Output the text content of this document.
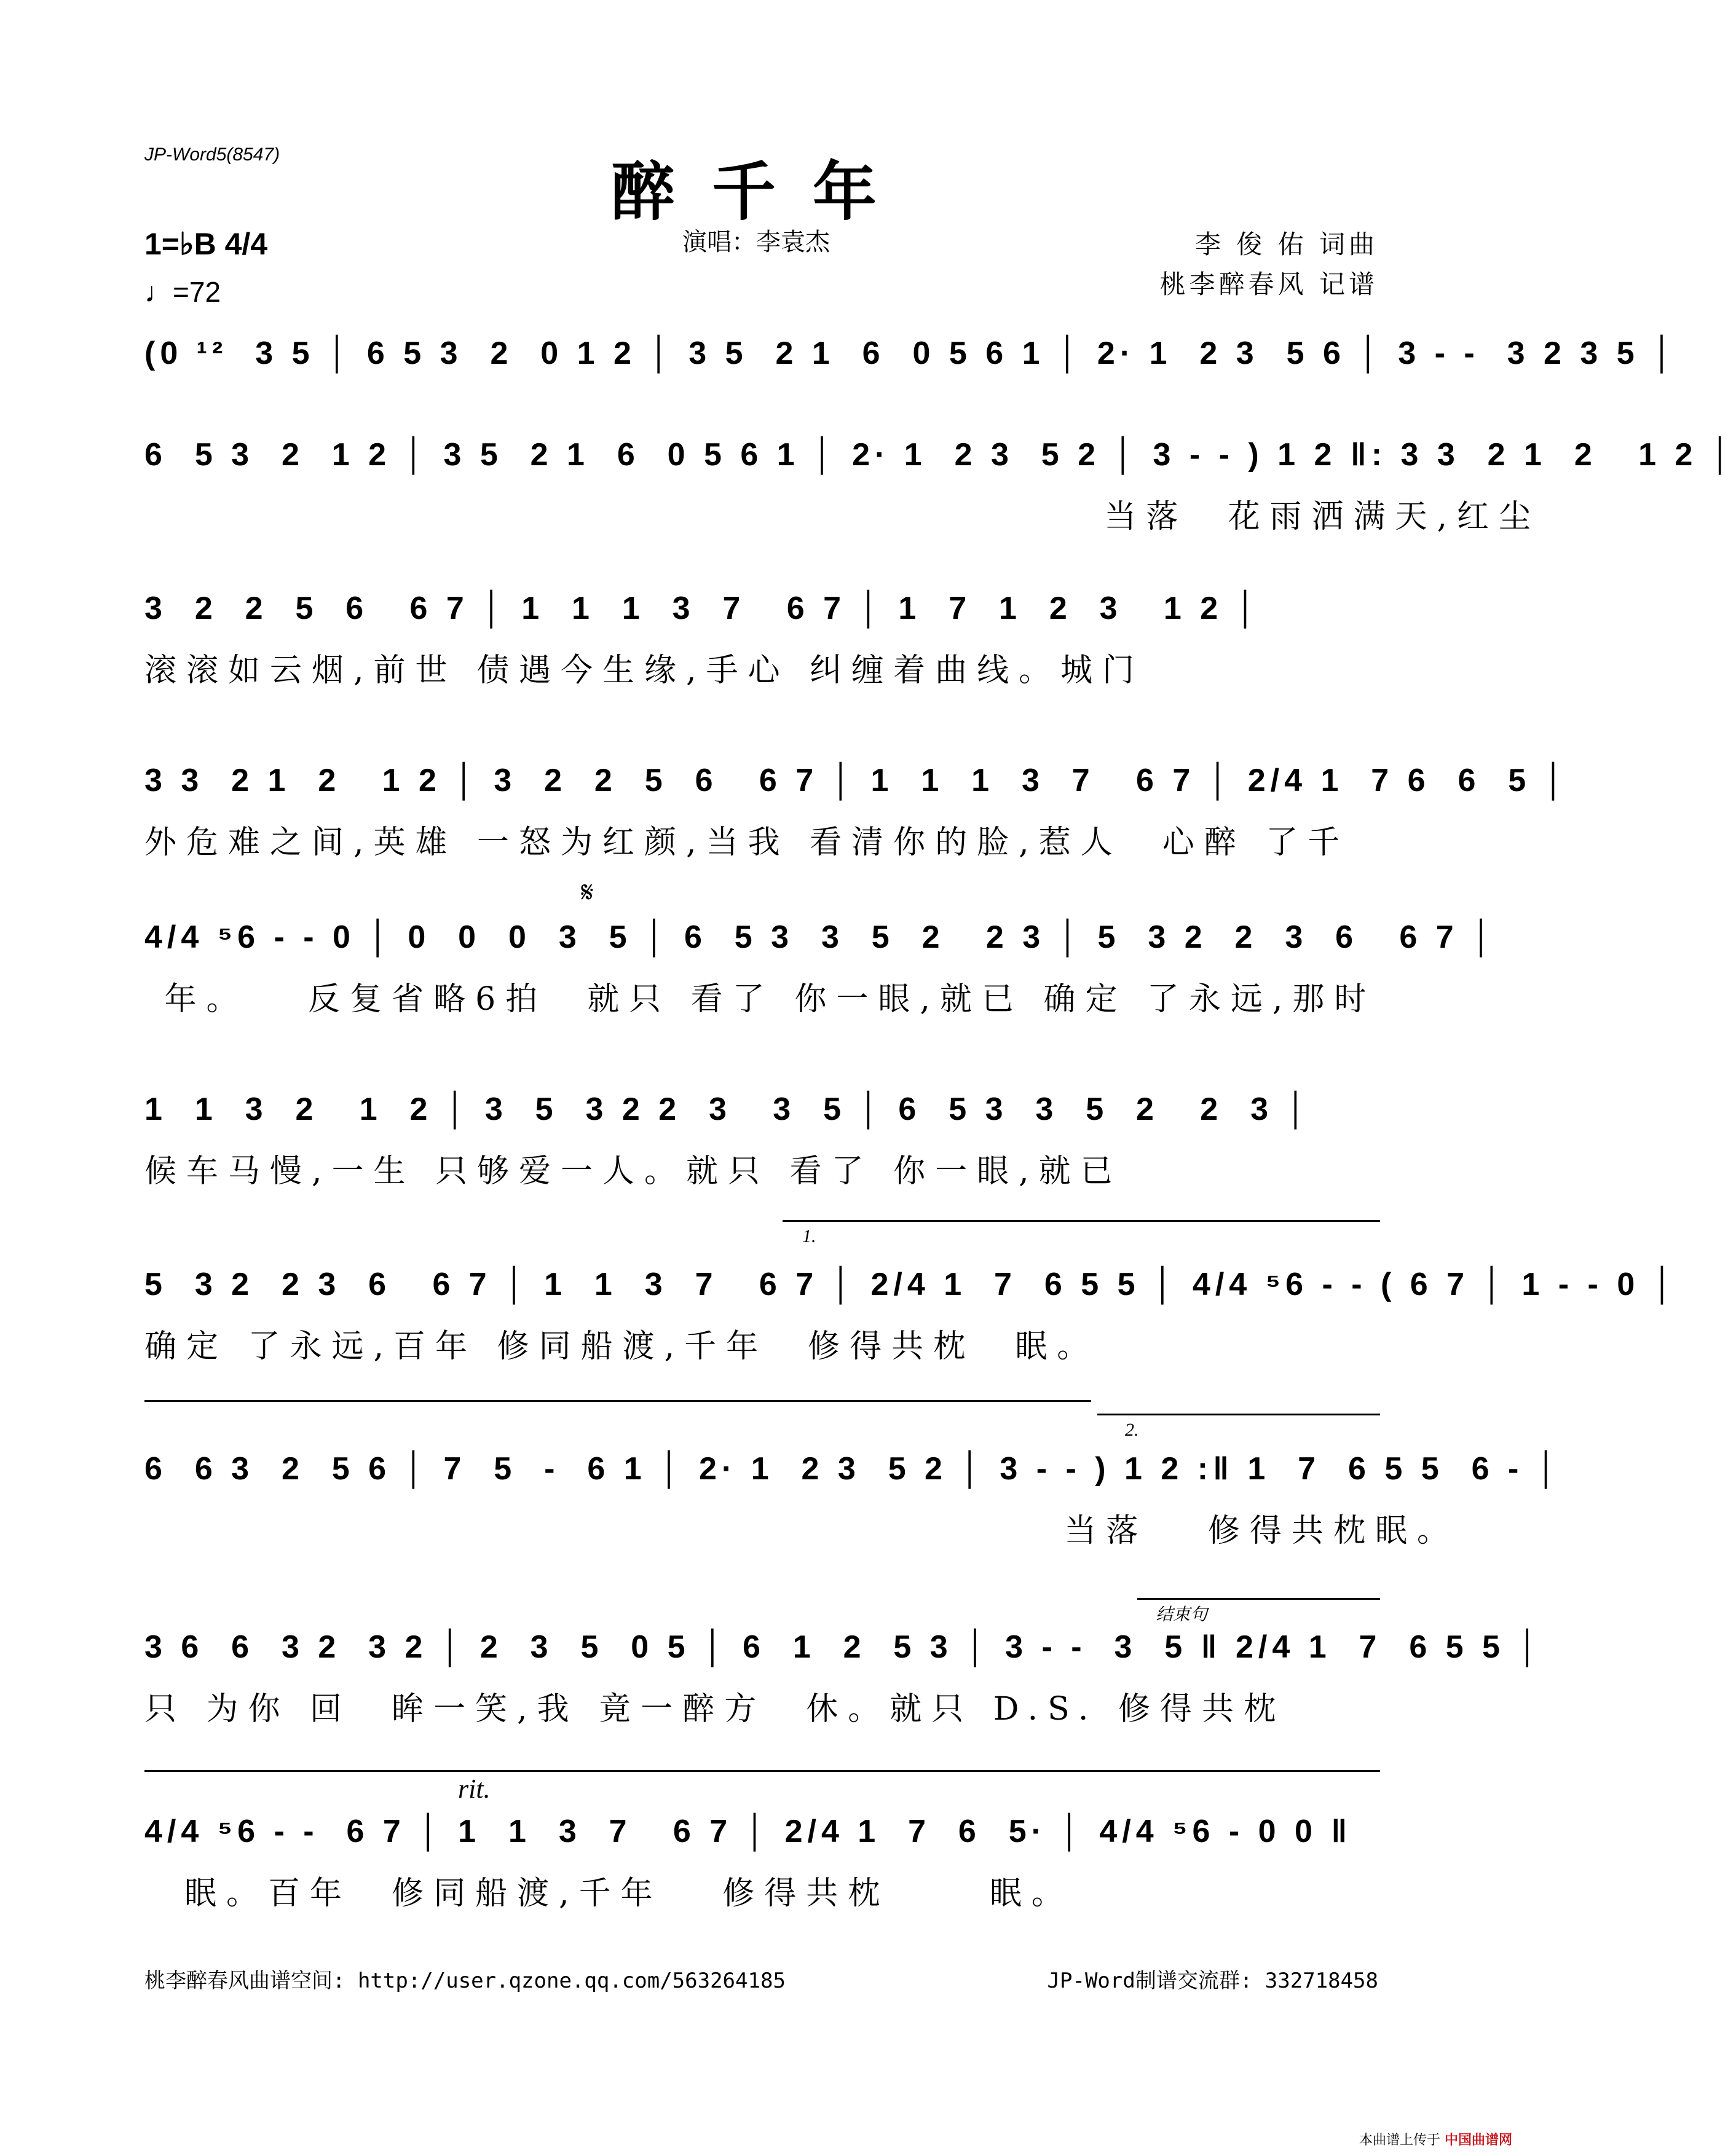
JP-Word5(8547)	醉千年
1=♭B 4/4
♩=72
演唱：李袁杰	李 俊 佑 词曲
桃李醉春风 记谱
(0 ¹²  3 5 │ 6 5 3  2  0 1 2 │ 3 5  2 1  6  0 5 6 1 │ 2· 1  2 3  5 6 │ 3 - -  3 2 3 5 │
6  5 3  2  1 2 │ 3 5  2 1  6  0 5 6 1 │ 2· 1  2 3  5 2 │ 3 - - ) 1 2 ‖: 3 3  2 1  2   1 2 │
当落  花雨洒满天,红尘
3  2  2  5  6   6 7 │ 1  1  1  3  7   6 7 │ 1  7  1  2  3   1 2 │
滚滚如云烟,前世 债遇今生缘,手心 纠缠着曲线。城门
3 3  2 1  2   1 2 │ 3  2  2  5  6   6 7 │ 1  1  1  3  7   6 7 │ 2/4 1  7 6  6  5 │
外危难之间,英雄 一怒为红颜,当我 看清你的脸,惹人  心醉 了千
𝄋
4/4 ⁵6 - - 0 │ 0  0  0  3  5 │ 6  5 3  3  5  2   2 3 │ 5  3 2  2  3  6   6 7 │
年。   反复省略6拍  就只 看了 你一眼,就已 确定 了永远,那时
1  1  3  2   1  2 │ 3  5  3 2 2  3   3  5 │ 6  5 3  3  5  2   2  3 │
候车马慢,一生 只够爱一人。就只 看了 你一眼,就已
1.
5  3 2  2 3  6   6 7 │ 1  1  3  7   6 7 │ 2/4 1  7  6 5 5 │ 4/4 ⁵6 - - ( 6 7 │ 1 - - 0 │
确定 了永远,百年 修同船渡,千年  修得共枕  眠。
2.
6  6 3  2  5 6 │ 7  5  -  6 1 │ 2· 1  2 3  5 2 │ 3 - - ) 1 2 :‖ 1  7  6 5 5  6 - │
当落   修得共枕眠。
结束句
3 6  6  3 2  3 2 │ 2  3  5  0 5 │ 6  1  2  5 3 │ 3 - -  3  5 ‖ 2/4 1  7  6 5 5 │
只 为你 回  眸一笑,我 竟一醉方  休。就只 D.S. 修得共枕
rit.
4/4 ⁵6 - -  6 7 │ 1  1  3  7   6 7 │ 2/4 1  7  6  5· │ 4/4 ⁵6 - 0 0 ‖
眠。百年  修同船渡,千年   修得共枕     眠。
桃李醉春风曲谱空间: http://user.qzone.qq.com/563264185	JP-Word制谱交流群: 332718458
本曲谱上传于 中国曲谱网
